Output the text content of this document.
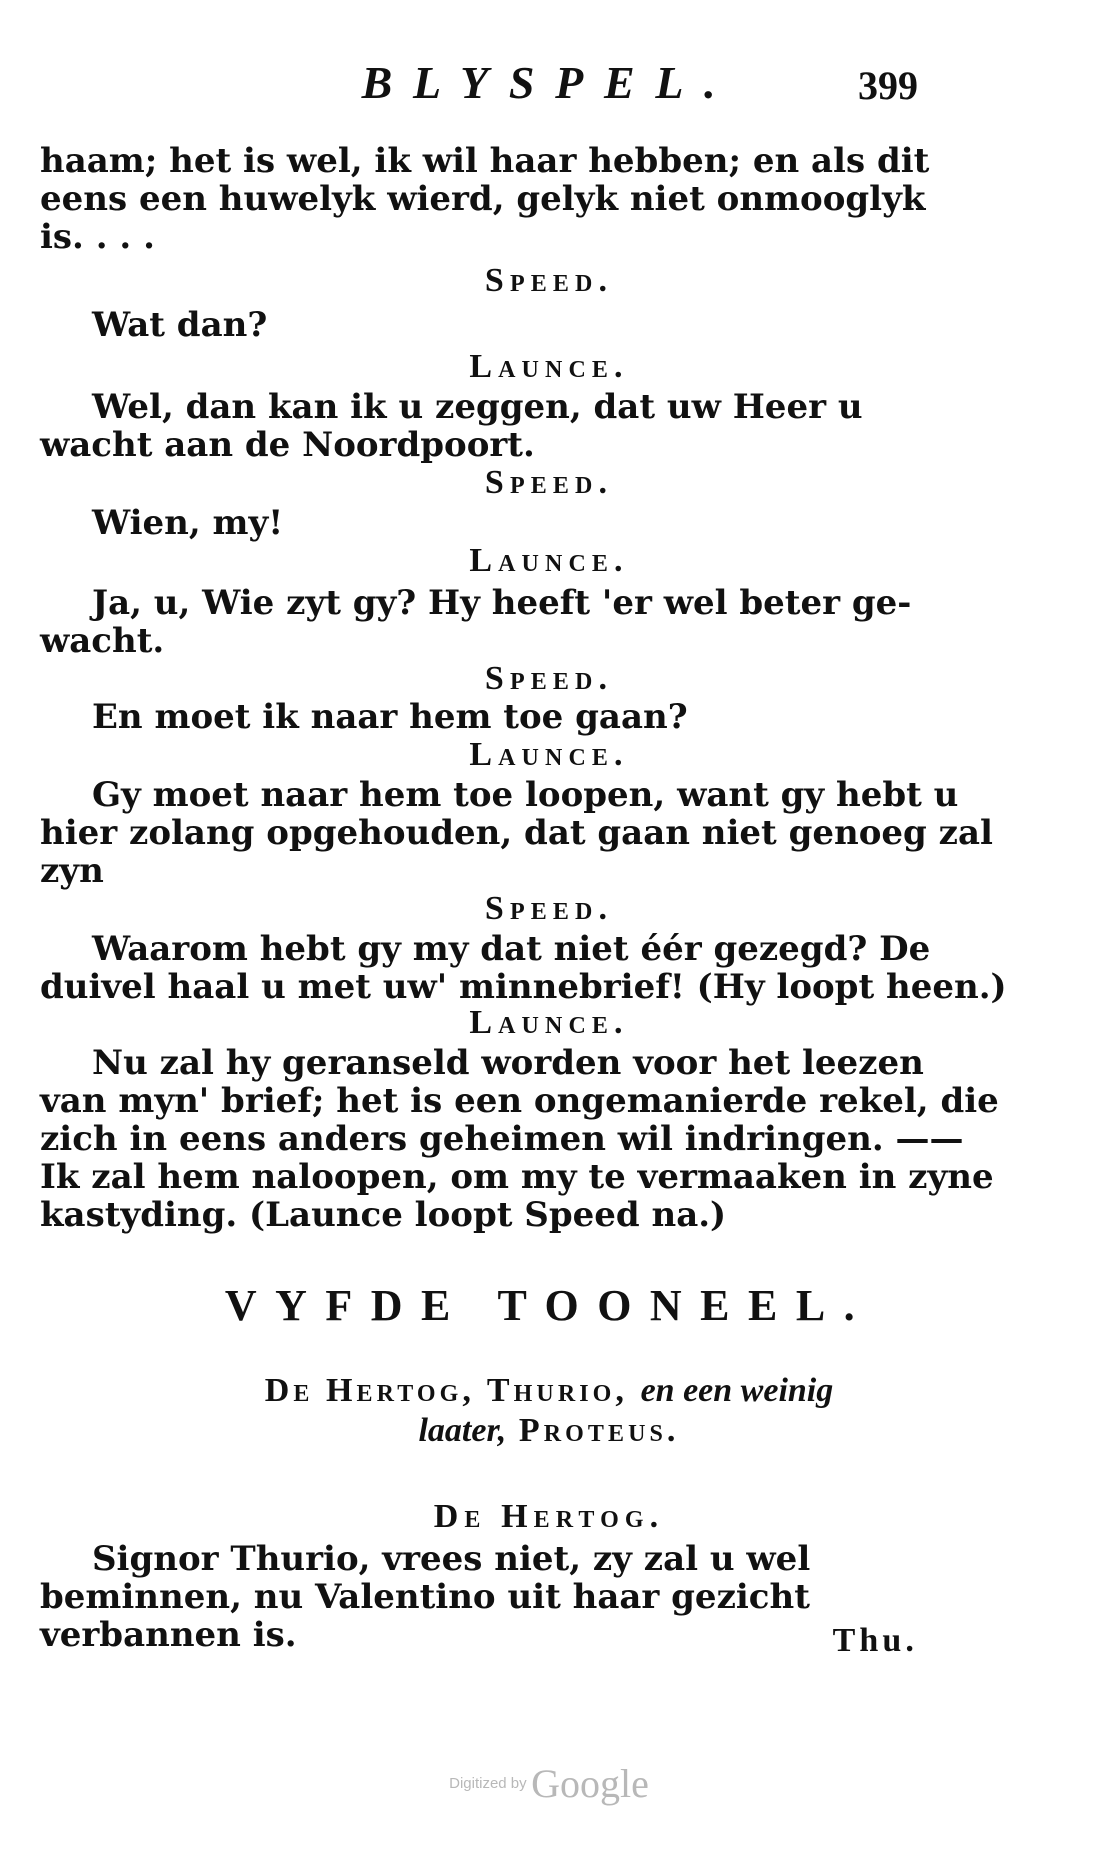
BLYSPEL.	399
haam; het is wel, ik wil haar hebben; en als dit
eens een huwelyk wierd, gelyk niet onmooglyk
is. . . .
Speed.
Wat dan?
Launce.
Wel, dan kan ik u zeggen, dat uw Heer u
wacht aan de Noordpoort.
Speed.
Wien, my!
Launce.
Ja, u, Wie zyt gy? Hy heeft 'er wel beter ge-
wacht.
Speed.
En moet ik naar hem toe gaan?
Launce.
Gy moet naar hem toe loopen, want gy hebt u
hier zolang opgehouden, dat gaan niet genoeg zal
zyn
Speed.
Waarom hebt gy my dat niet éér gezegd? De
duivel haal u met uw' minnebrief! (Hy loopt heen.)
Launce.
Nu zal hy geranseld worden voor het leezen
van myn' brief; het is een ongemanierde rekel, die
zich in eens anders geheimen wil indringen. ——
Ik zal hem naloopen, om my te vermaaken in zyne
kastyding. (Launce loopt Speed na.)
VYFDE TOONEEL.
De Hertog, Thurio, en een weinig
laater, Proteus.
De Hertog.
Signor Thurio, vrees niet, zy zal u wel beminnen, nu Valentino uit haar gezicht verbannen is.	Thu.
Digitized by Google
